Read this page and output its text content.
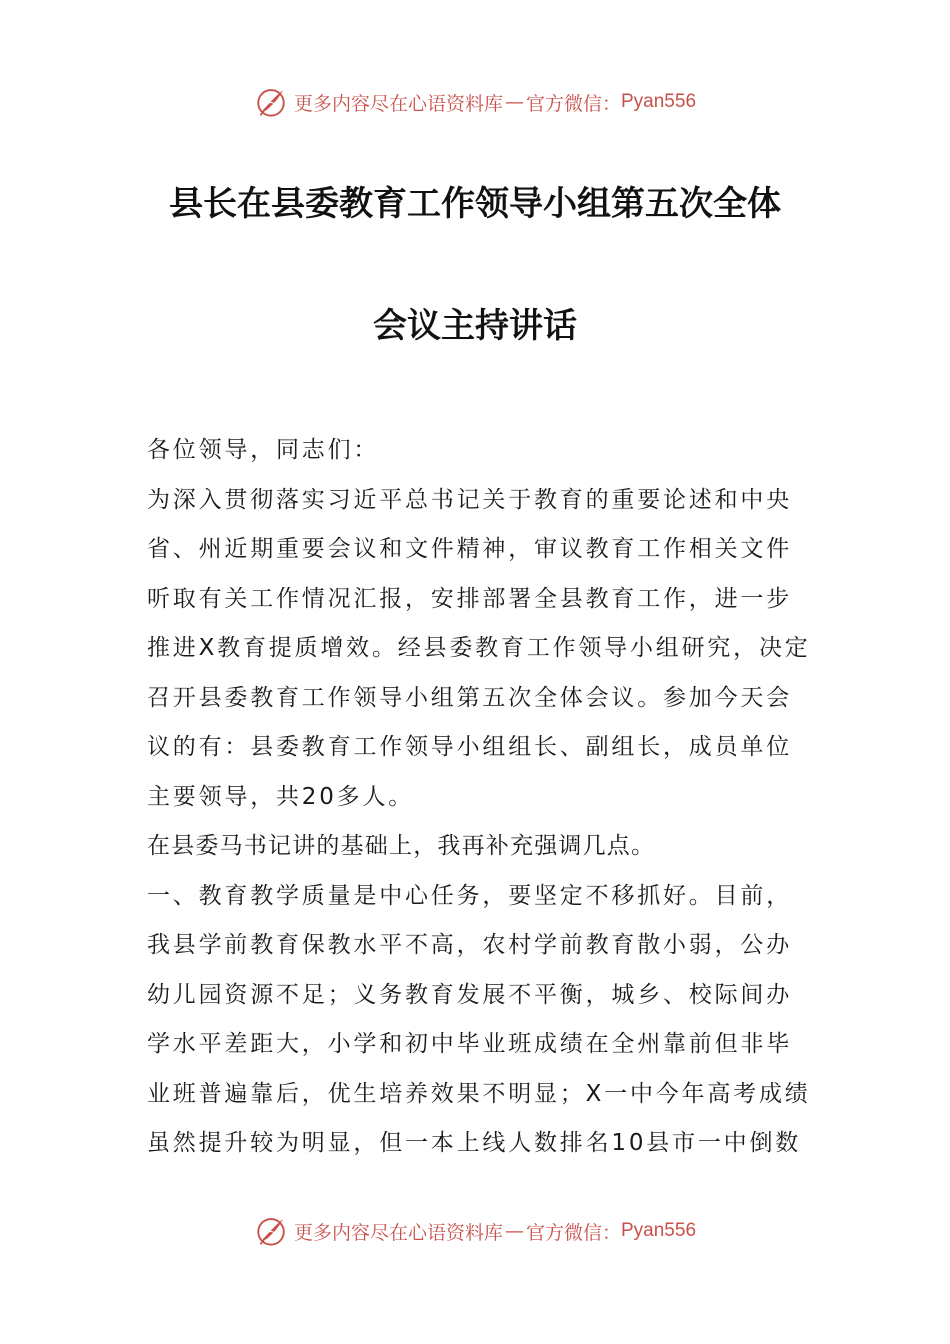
更多内容尽在心语资料库 — 官方微信： Pyan556
县长在县委教育工作领导小组第五次全体
会议主持讲话
各位领导，同志们：
为深入贯彻落实习近平总书记关于教育的重要论述和中央
省、州近期重要会议和文件精神，审议教育工作相关文件
听取有关工作情况汇报，安排部署全县教育工作，进一步
推进X教育提质增效。经县委教育工作领导小组研究，决定
召开县委教育工作领导小组第五次全体会议。参加今天会
议的有：县委教育工作领导小组组长、副组长，成员单位
主要领导，共20多人。
在县委马书记讲的基础上，我再补充强调几点。
一、教育教学质量是中心任务，要坚定不移抓好。目前，
我县学前教育保教水平不高，农村学前教育散小弱，公办
幼儿园资源不足；义务教育发展不平衡，城乡、校际间办
学水平差距大，小学和初中毕业班成绩在全州靠前但非毕
业班普遍靠后，优生培养效果不明显；X一中今年高考成绩
虽然提升较为明显，但一本上线人数排名10县市一中倒数
更多内容尽在心语资料库 — 官方微信： Pyan556
